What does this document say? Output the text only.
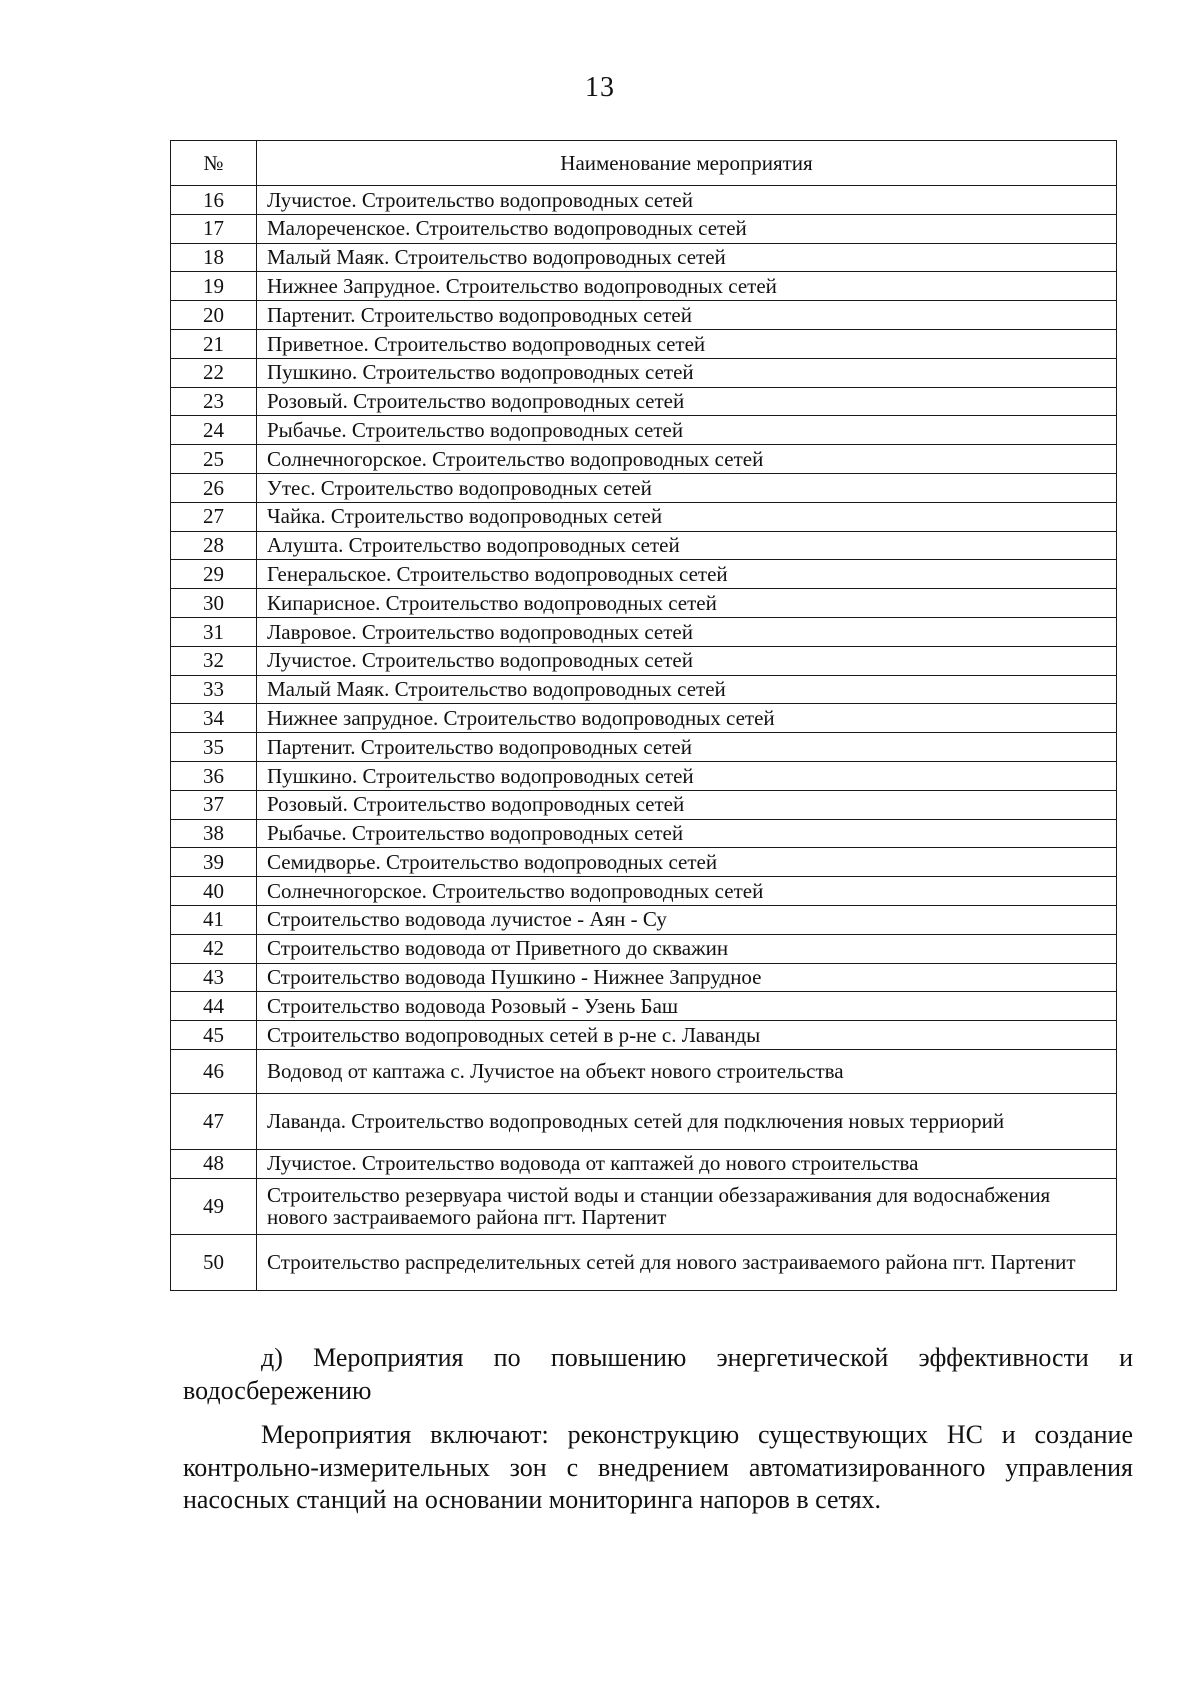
13
№	Наименование мероприятия
16	Лучистое. Строительство водопроводных сетей
17	Малореченское. Строительство водопроводных сетей
18	Малый Маяк. Строительство водопроводных сетей
19	Нижнее Запрудное. Строительство водопроводных сетей
20	Партенит. Строительство водопроводных сетей
21	Приветное. Строительство водопроводных сетей
22	Пушкино. Строительство водопроводных сетей
23	Розовый. Строительство водопроводных сетей
24	Рыбачье. Строительство водопроводных сетей
25	Солнечногорское. Строительство водопроводных сетей
26	Утес. Строительство водопроводных сетей
27	Чайка. Строительство водопроводных сетей
28	Алушта. Строительство водопроводных сетей
29	Генеральское. Строительство водопроводных сетей
30	Кипарисное. Строительство водопроводных сетей
31	Лавровое. Строительство водопроводных сетей
32	Лучистое. Строительство водопроводных сетей
33	Малый Маяк. Строительство водопроводных сетей
34	Нижнее запрудное. Строительство водопроводных сетей
35	Партенит. Строительство водопроводных сетей
36	Пушкино. Строительство водопроводных сетей
37	Розовый. Строительство водопроводных сетей
38	Рыбачье. Строительство водопроводных сетей
39	Семидворье. Строительство водопроводных сетей
40	Солнечногорское. Строительство водопроводных сетей
41	Строительство водовода лучистое - Аян - Су
42	Строительство водовода от Приветного до скважин
43	Строительство водовода Пушкино - Нижнее Запрудное
44	Строительство водовода Розовый - Узень Баш
45	Строительство водопроводных сетей в р-не с. Лаванды
46	Водовод от каптажа с. Лучистое на объект нового строительства
47	Лаванда. Строительство водопроводных сетей для подключения новых терриорий
48	Лучистое. Строительство водовода от каптажей до нового строительства
49	Строительство резервуара чистой воды и станции обеззараживания для водоснабжения нового застраиваемого района пгт. Партенит
50	Строительство распределительных сетей для нового застраиваемого района пгт. Партенит

д) Мероприятия по повышению энергетической эффективности и водосбережению

Мероприятия включают: реконструкцию существующих НС и создание контрольно-измерительных зон с внедрением автоматизированного управления насосных станций на основании мониторинга напоров в сетях.
